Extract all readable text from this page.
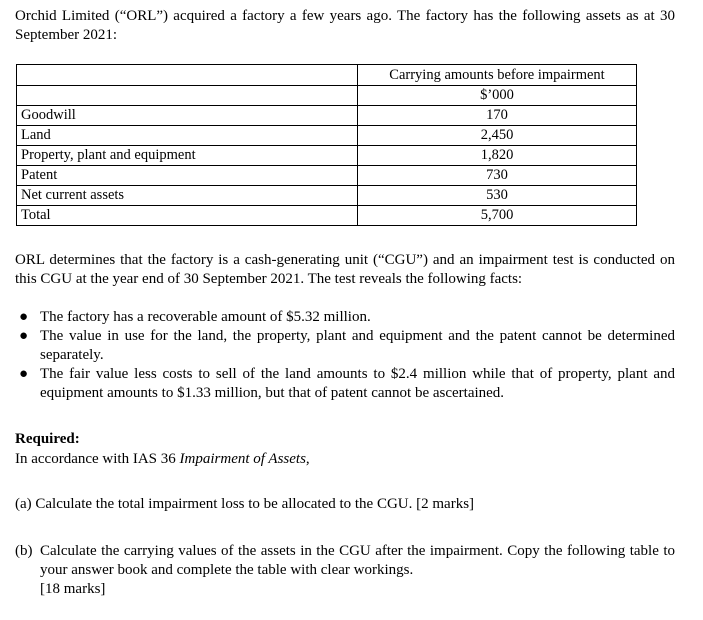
Orchid Limited (“ORL”) acquired a factory a few years ago. The factory has the following assets as at 30 September 2021:
	Carrying amounts before impairment
	$’000
Goodwill	170
Land	2,450
Property, plant and equipment	1,820
Patent	730
Net current assets	530
Total	5,700
ORL determines that the factory is a cash-generating unit (“CGU”) and an impairment test is conducted on this CGU at the year end of 30 September 2021. The test reveals the following facts:
● The factory has a recoverable amount of $5.32 million.
● The value in use for the land, the property, plant and equipment and the patent cannot be determined separately.
● The fair value less costs to sell of the land amounts to $2.4 million while that of property, plant and equipment amounts to $1.33 million, but that of patent cannot be ascertained.
Required:
In accordance with IAS 36 Impairment of Assets,
(a) Calculate the total impairment loss to be allocated to the CGU. [2 marks]
(b) Calculate the carrying values of the assets in the CGU after the impairment. Copy the following table to your answer book and complete the table with clear workings.
[18 marks]
